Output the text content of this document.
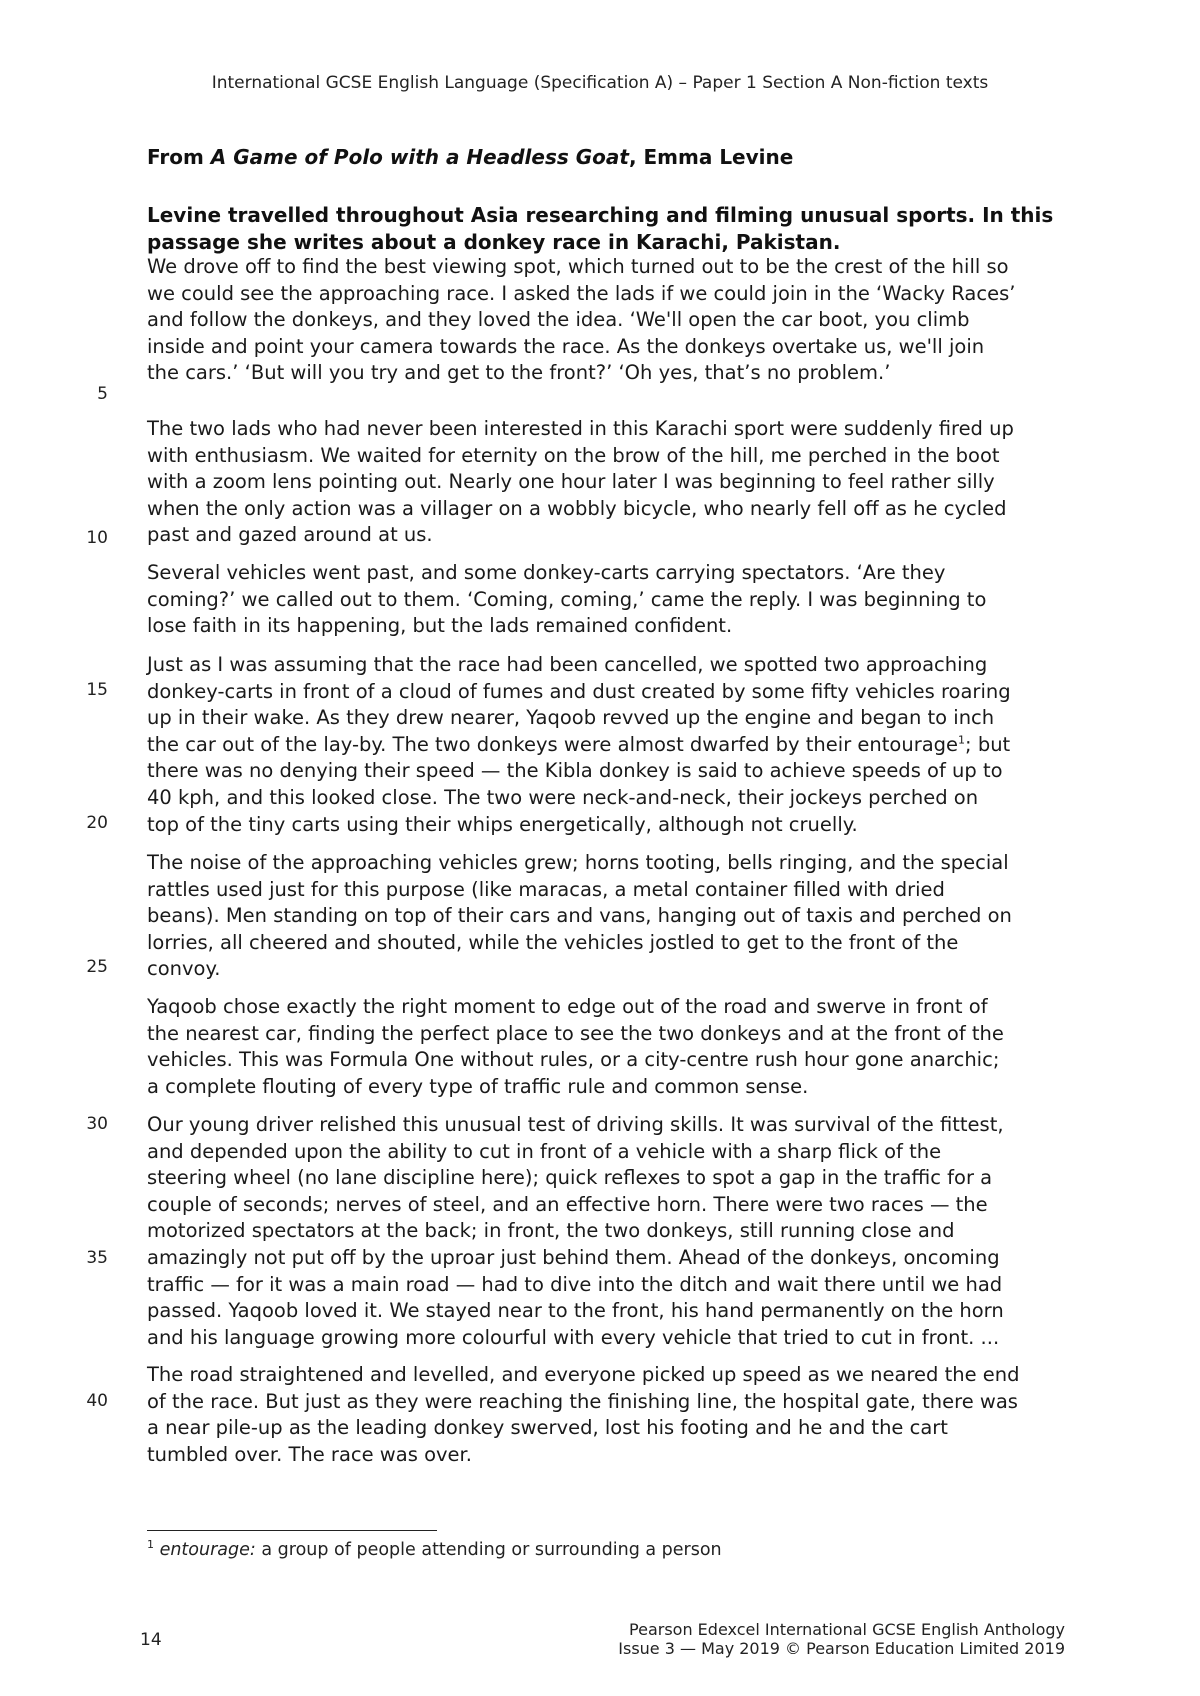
International GCSE English Language (Specification A) – Paper 1 Section A Non-fiction texts
From A Game of Polo with a Headless Goat, Emma Levine
Levine travelled throughout Asia researching and filming unusual sports. In this
passage she writes about a donkey race in Karachi, Pakistan.

We drove off to find the best viewing spot, which turned out to be the crest of the hill so
we could see the approaching race. I asked the lads if we could join in the ‘Wacky Races’
and follow the donkeys, and they loved the idea. ‘We'll open the car boot, you climb
inside and point your camera towards the race. As the donkeys overtake us, we'll join
the cars.’ ‘But will you try and get to the front?’ ‘Oh yes, that’s no problem.’

The two lads who had never been interested in this Karachi sport were suddenly fired up
with enthusiasm. We waited for eternity on the brow of the hill, me perched in the boot
with a zoom lens pointing out. Nearly one hour later I was beginning to feel rather silly
when the only action was a villager on a wobbly bicycle, who nearly fell off as he cycled
past and gazed around at us.

Several vehicles went past, and some donkey-carts carrying spectators. ‘Are they
coming?’ we called out to them. ‘Coming, coming,’ came the reply. I was beginning to
lose faith in its happening, but the lads remained confident.

Just as I was assuming that the race had been cancelled, we spotted two approaching
donkey-carts in front of a cloud of fumes and dust created by some fifty vehicles roaring
up in their wake. As they drew nearer, Yaqoob revved up the engine and began to inch
the car out of the lay-by. The two donkeys were almost dwarfed by their entourage$^1$; but
there was no denying their speed — the Kibla donkey is said to achieve speeds of up to
40 kph, and this looked close. The two were neck-and-neck, their jockeys perched on
top of the tiny carts using their whips energetically, although not cruelly.

The noise of the approaching vehicles grew; horns tooting, bells ringing, and the special
rattles used just for this purpose (like maracas, a metal container filled with dried
beans). Men standing on top of their cars and vans, hanging out of taxis and perched on
lorries, all cheered and shouted, while the vehicles jostled to get to the front of the
convoy.

Yaqoob chose exactly the right moment to edge out of the road and swerve in front of
the nearest car, finding the perfect place to see the two donkeys and at the front of the
vehicles. This was Formula One without rules, or a city-centre rush hour gone anarchic;
a complete flouting of every type of traffic rule and common sense.

Our young driver relished this unusual test of driving skills. It was survival of the fittest,
and depended upon the ability to cut in front of a vehicle with a sharp flick of the
steering wheel (no lane discipline here); quick reflexes to spot a gap in the traffic for a
couple of seconds; nerves of steel, and an effective horn. There were two races — the
motorized spectators at the back; in front, the two donkeys, still running close and
amazingly not put off by the uproar just behind them. Ahead of the donkeys, oncoming
traffic — for it was a main road — had to dive into the ditch and wait there until we had
passed. Yaqoob loved it. We stayed near to the front, his hand permanently on the horn
and his language growing more colourful with every vehicle that tried to cut in front. ...

The road straightened and levelled, and everyone picked up speed as we neared the end
of the race. But just as they were reaching the finishing line, the hospital gate, there was
a near pile-up as the leading donkey swerved, lost his footing and he and the cart
tumbled over. The race was over.

5
10
15
20
25
30
35
40
$^1$ entourage: a group of people attending or surrounding a person
14
Pearson Edexcel International GCSE English Anthology
Issue 3 — May 2019 © Pearson Education Limited 2019
